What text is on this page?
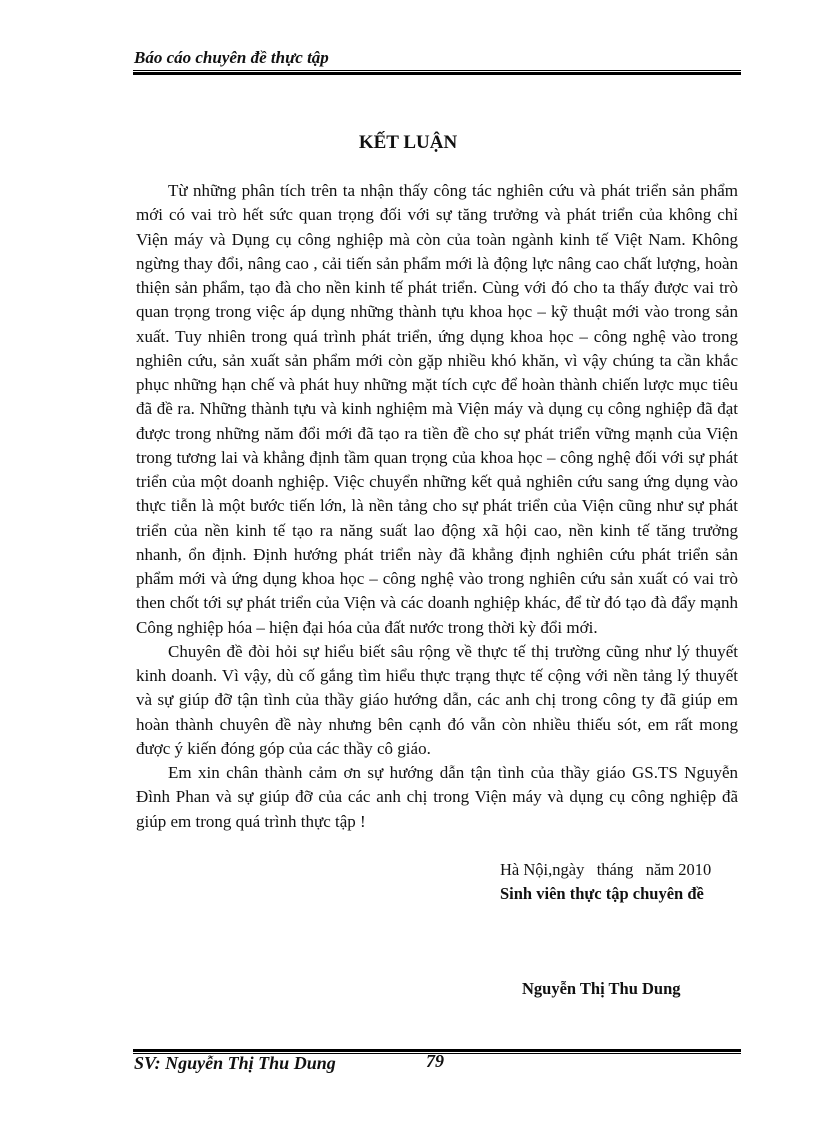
Báo cáo chuyên đề thực tập
KẾT LUẬN

Từ những phân tích trên ta nhận thấy công tác nghiên cứu và phát triển sản phẩm mới có vai trò hết sức quan trọng đối với sự tăng trưởng và phát triển của không chỉ Viện máy và Dụng cụ công nghiệp mà còn của toàn ngành kinh tế Việt Nam. Không ngừng thay đổi, nâng cao , cải tiến sản phẩm mới là động lực nâng cao chất lượng, hoàn thiện sản phẩm, tạo đà cho nền kinh tế phát triển. Cùng với đó cho ta thấy được vai trò quan trọng trong việc áp dụng những thành tựu khoa học – kỹ thuật mới vào trong sản xuất. Tuy nhiên trong quá trình phát triển, ứng dụng khoa học – công nghệ vào trong nghiên cứu, sản xuất sản phẩm mới còn gặp nhiều khó khăn, vì vậy chúng ta cần khắc phục những hạn chế và phát huy những mặt tích cực để hoàn thành chiến lược mục tiêu đã đề ra. Những thành tựu và kinh nghiệm mà Viện máy và dụng cụ công nghiệp đã đạt được trong những năm đổi mới đã tạo ra tiền đề cho sự phát triển vững mạnh của Viện trong tương lai và khẳng định tầm quan trọng của khoa học – công nghệ đối với sự phát triển của một doanh nghiệp. Việc chuyển những kết quả nghiên cứu sang ứng dụng vào thực tiễn là một bước tiến lớn, là nền tảng cho sự phát triển của Viện cũng như sự phát triển của nền kinh tế tạo ra năng suất lao động xã hội cao, nền kinh tế tăng trưởng nhanh, ổn định. Định hướng phát triển này đã khẳng định nghiên cứu phát triển sản phẩm mới và ứng dụng khoa học – công nghệ vào trong nghiên cứu sản xuất có vai trò then chốt tới sự phát triển của Viện và các doanh nghiệp khác, để từ đó tạo đà đẩy mạnh Công nghiệp hóa – hiện đại hóa của đất nước trong thời kỳ đổi mới.

Chuyên đề đòi hỏi sự hiểu biết sâu rộng về thực tế thị trường cũng như lý thuyết kinh doanh. Vì vậy, dù cố gắng tìm hiểu thực trạng thực tế cộng với nền tảng lý thuyết và sự giúp đỡ tận tình của thầy giáo hướng dẫn, các anh chị trong công ty đã giúp em hoàn thành chuyên đề này nhưng bên cạnh đó vẫn còn nhiều thiếu sót, em rất mong được ý kiến đóng góp của các thầy cô giáo.

Em xin chân thành cảm ơn sự hướng dẫn tận tình của thầy giáo GS.TS Nguyễn Đình Phan và sự giúp đỡ của các anh chị trong Viện máy và dụng cụ công nghiệp đã giúp em trong quá trình thực tập !

Hà Nội,ngày   tháng   năm 2010
Sinh viên thực tập chuyên đề
Nguyễn Thị Thu Dung
SV: Nguyễn Thị Thu Dung	79
